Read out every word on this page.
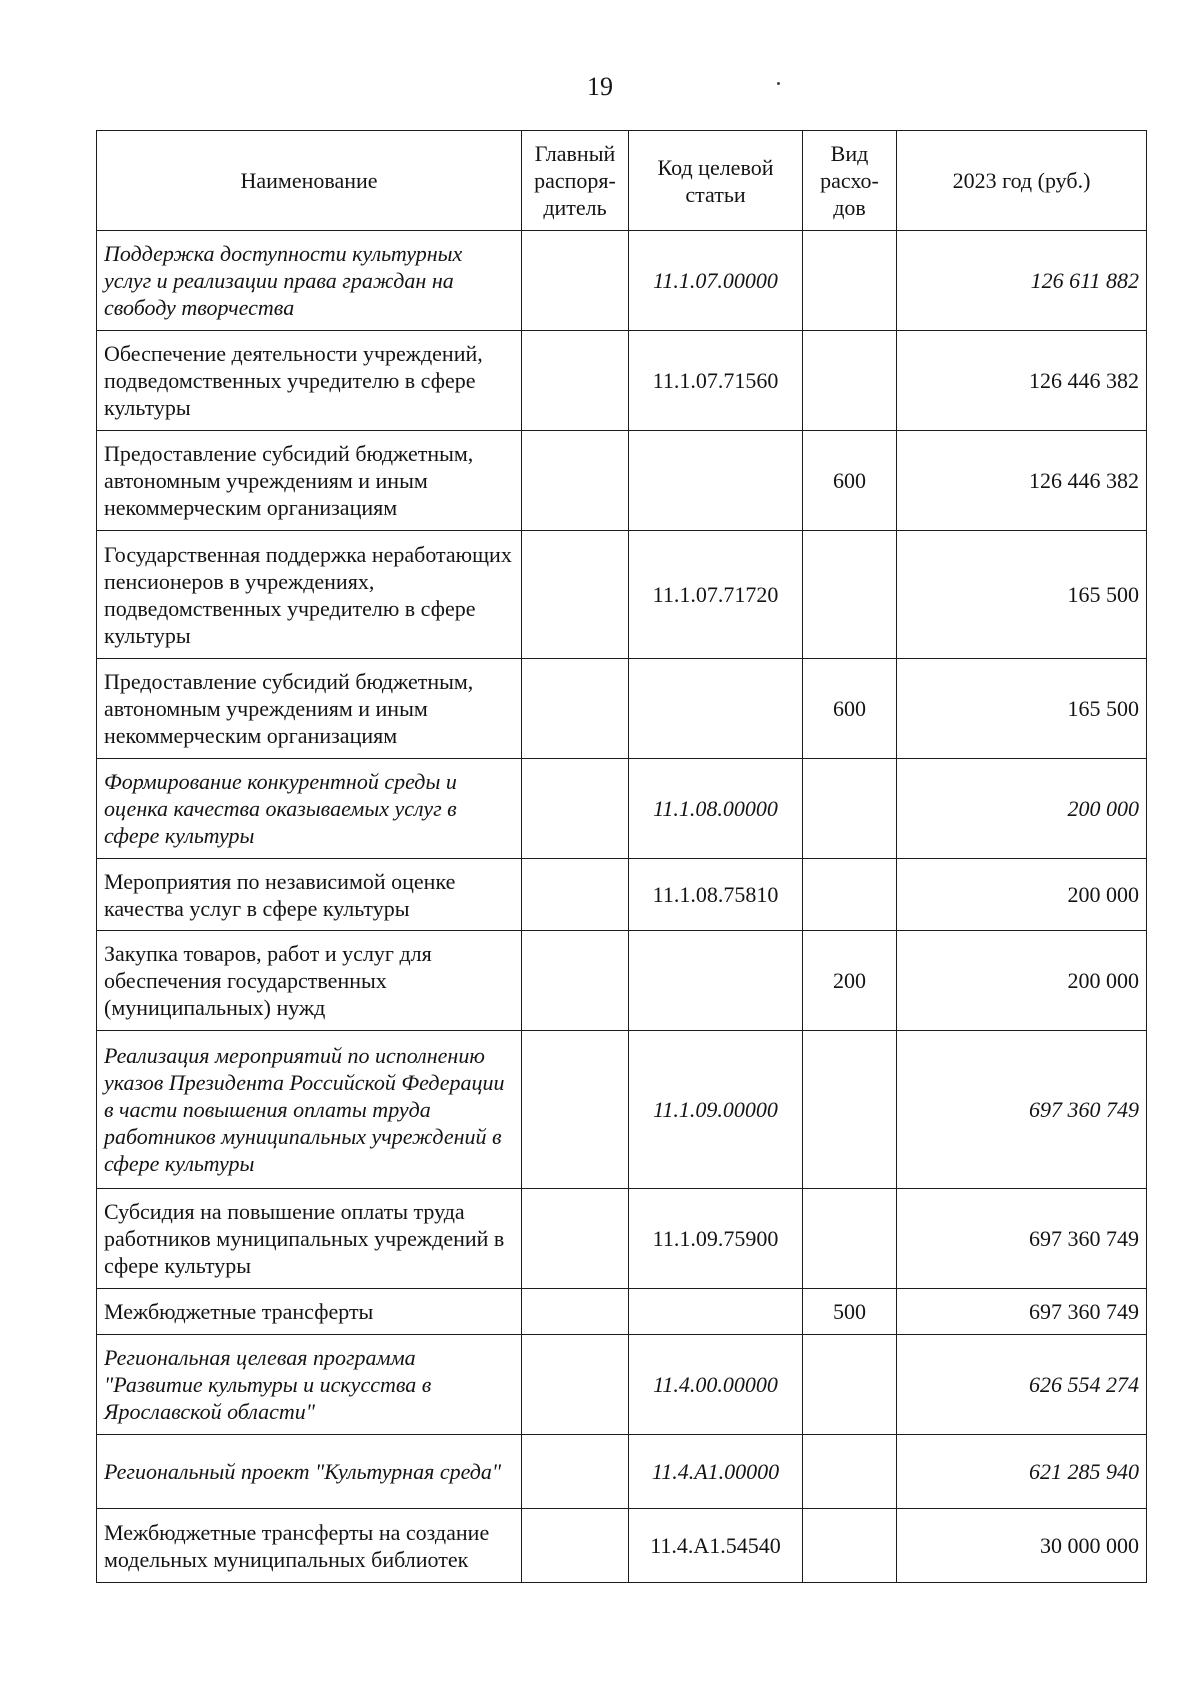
19
Наименование	Главный распоря-дитель	Код целевой статьи	Вид расхо-дов	2023 год (руб.)
Поддержка доступности культурных услуг и реализации права граждан на свободу творчества		11.1.07.00000		126 611 882
Обеспечение деятельности учреждений, подведомственных учредителю в сфере культуры		11.1.07.71560		126 446 382
Предоставление субсидий бюджетным, автономным учреждениям и иным некоммерческим организациям			600	126 446 382
Государственная поддержка неработающих пенсионеров в учреждениях, подведомственных учредителю в сфере культуры		11.1.07.71720		165 500
Предоставление субсидий бюджетным, автономным учреждениям и иным некоммерческим организациям			600	165 500
Формирование конкурентной среды и оценка качества оказываемых услуг в сфере культуры		11.1.08.00000		200 000
Мероприятия по независимой оценке качества услуг в сфере культуры		11.1.08.75810		200 000
Закупка товаров, работ и услуг для обеспечения государственных (муниципальных) нужд			200	200 000
Реализация мероприятий по исполнению указов Президента Российской Федерации в части повышения оплаты труда работников муниципальных учреждений в сфере культуры		11.1.09.00000		697 360 749
Субсидия на повышение оплаты труда работников муниципальных учреждений в сфере культуры		11.1.09.75900		697 360 749
Межбюджетные трансферты			500	697 360 749
Региональная целевая программа "Развитие культуры и искусства в Ярославской области"		11.4.00.00000		626 554 274
Региональный проект "Культурная среда"		11.4.А1.00000		621 285 940
Межбюджетные трансферты на создание модельных муниципальных библиотек		11.4.А1.54540		30 000 000
